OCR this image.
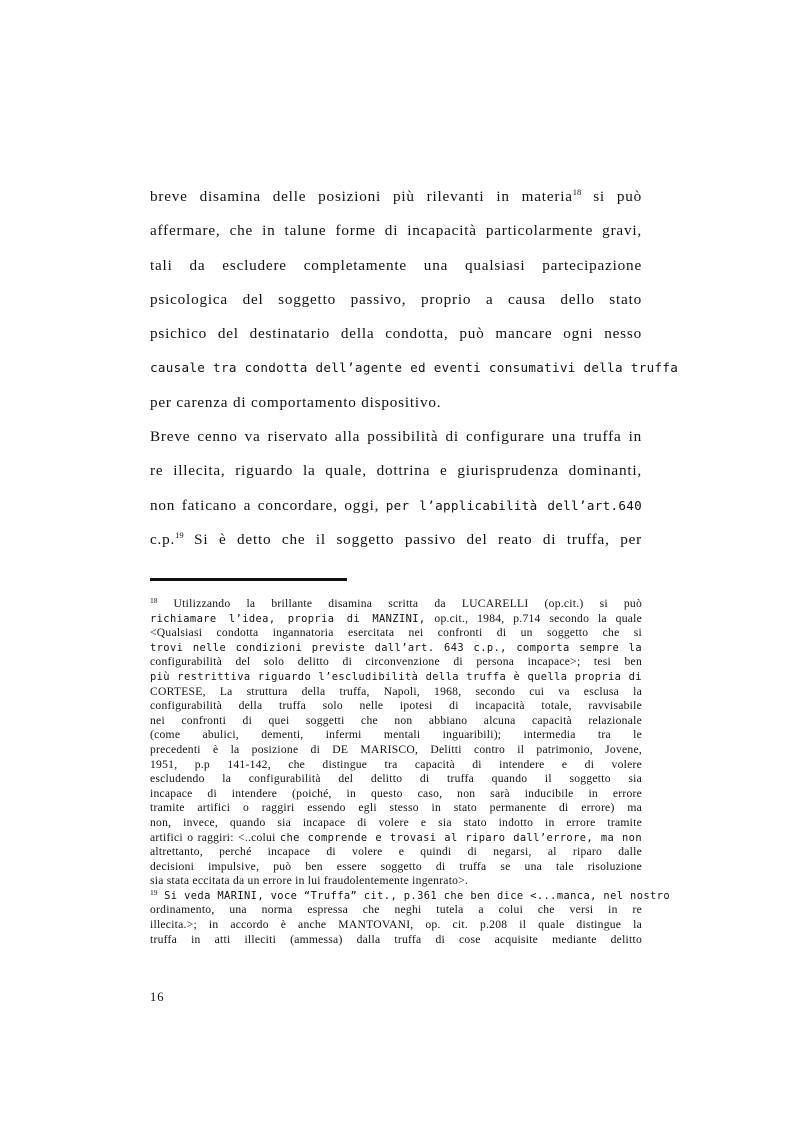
breve disamina delle posizioni più rilevanti in materia$^{18}$ si può
affermare, che in talune forme di incapacità particolarmente gravi,
tali da escludere completamente una qualsiasi partecipazione
psicologica del soggetto passivo, proprio a causa dello stato
psichico del destinatario della condotta, può mancare ogni nesso
causale tra condotta dell’agente ed eventi consumativi della truffa
per carenza di comportamento dispositivo.
Breve cenno va riservato alla possibilità di configurare una truffa in
re illecita, riguardo la quale, dottrina e giurisprudenza dominanti,
non faticano a concordare, oggi, per l’applicabilità dell’art.640
c.p.$^{19}$ Si è detto che il soggetto passivo del reato di truffa, per
$^{18}$ Utilizzando la brillante disamina scritta da LUCARELLI (op.cit.) si può
richiamare l’idea, propria di MANZINI, op.cit., 1984, p.714 secondo la quale
<Qualsiasi condotta ingannatoria esercitata nei confronti di un soggetto che si
trovi nelle condizioni previste dall’art. 643 c.p., comporta sempre la
configurabilità del solo delitto di circonvenzione di persona incapace>; tesi ben
più restrittiva riguardo l’escludibilità della truffa è quella propria di
CORTESE, La struttura della truffa, Napoli, 1968, secondo cui va esclusa la
configurabilità della truffa solo nelle ipotesi di incapacità totale, ravvisabile
nei confronti di quei soggetti che non abbiano alcuna capacità relazionale
(come abulici, dementi, infermi mentali inguaribili); intermedia tra le
precedenti è la posizione di DE MARISCO, Delitti contro il patrimonio, Jovene,
1951, p.p 141-142, che distingue tra capacità di intendere e di volere
escludendo la configurabilità del delitto di truffa quando il soggetto sia
incapace di intendere (poiché, in questo caso, non sarà inducibile in errore
tramite artifici o raggiri essendo egli stesso in stato permanente di errore) ma
non, invece, quando sia incapace di volere e sia stato indotto in errore tramite
artifici o raggiri: <..colui che comprende e trovasi al riparo dall’errore, ma non
altrettanto, perché incapace di volere e quindi di negarsi, al riparo dalle
decisioni impulsive, può ben essere soggetto di truffa se una tale risoluzione
sia stata eccitata da un errore in lui fraudolentemente ingenrato>.
$^{19}$ Si veda MARINI, voce “Truffa” cit., p.361 che ben dice <...manca, nel nostro
ordinamento, una norma espressa che neghi tutela a colui che versi in re
illecita.>; in accordo è anche MANTOVANI, op. cit. p.208 il quale distingue la
truffa in atti illeciti (ammessa) dalla truffa di cose acquisite mediante delitto
16
